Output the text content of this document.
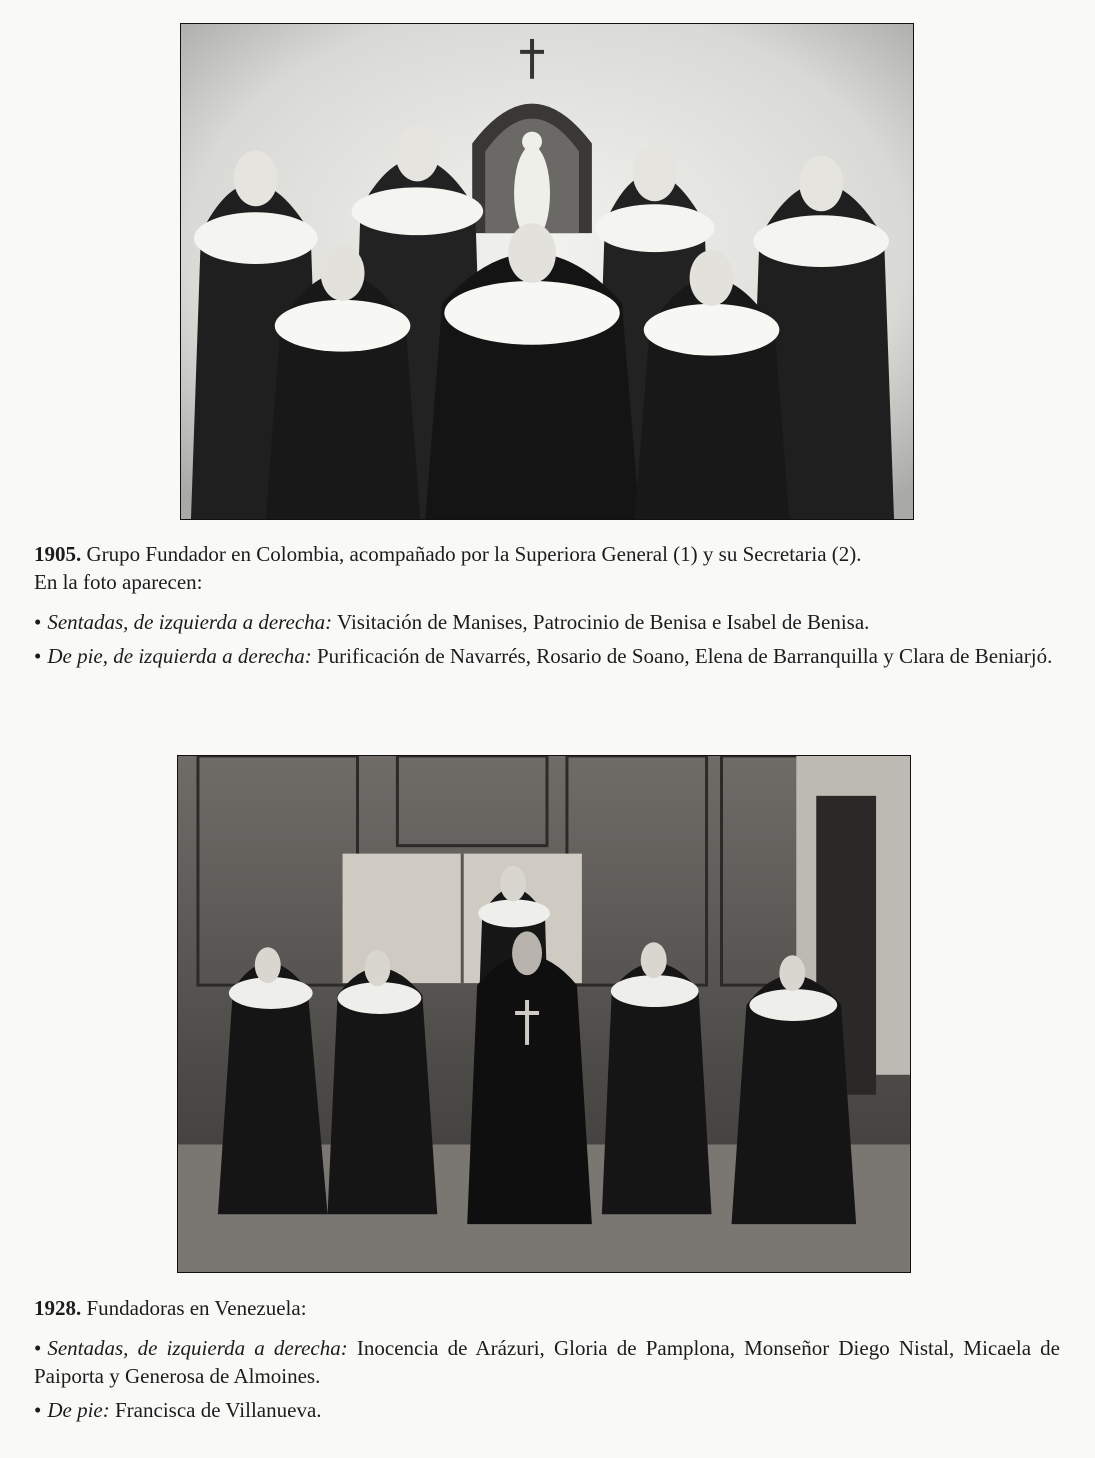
1905. Grupo Fundador en Colombia, acompañado por la Superiora General (1) y su Secretaria (2).

En la foto aparecen:

• Sentadas, de izquierda a derecha: Visitación de Manises, Patrocinio de Benisa e Isabel de Benisa.

• De pie, de izquierda a derecha: Purificación de Navarrés, Rosario de Soano, Elena de Barranquilla y Clara de Beniarjó.

1928. Fundadoras en Venezuela:

• Sentadas, de izquierda a derecha: Inocencia de Arázuri, Gloria de Pamplona, Monseñor Diego Nistal, Micaela de Paiporta y Generosa de Almoines.

• De pie: Francisca de Villanueva.
